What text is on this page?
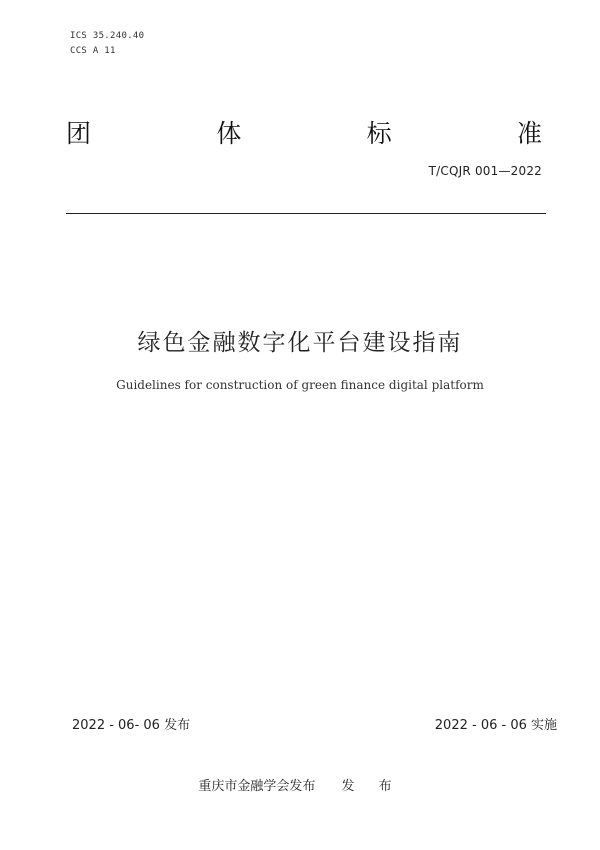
ICS 35.240.40
CCS A 11
团	体	标	准
T/CQJR 001—2022
绿色金融数字化平台建设指南
Guidelines for construction of green finance digital platform
2022 - 06- 06 发布	2022 - 06 - 06 实施
重庆市金融学会发布 发 布
